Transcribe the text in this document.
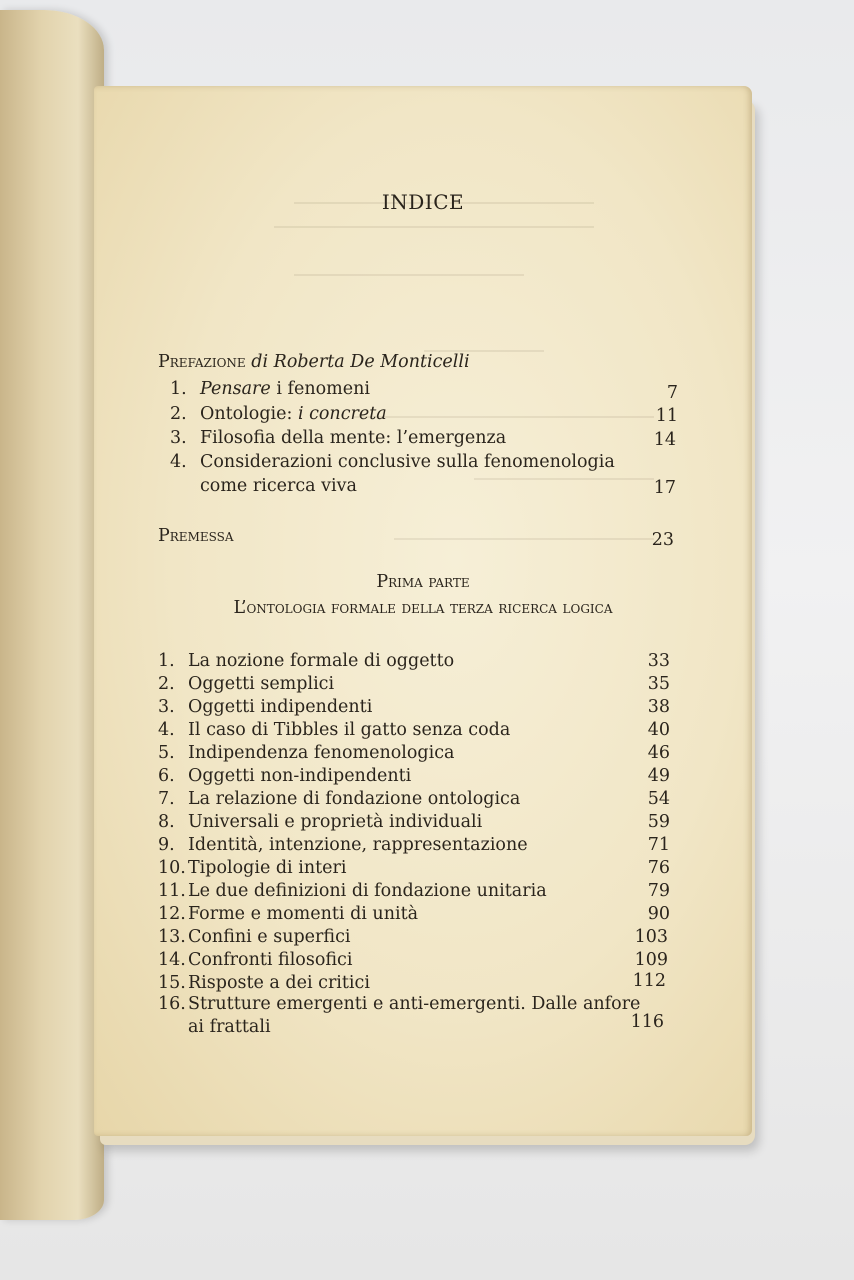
INDICE
Prefazione di Roberta De Monticelli
1. Pensare i fenomeni	7
2. Ontologie: i concreta	11
3. Filosofia della mente: l’emergenza	14
4. Considerazioni conclusive sulla fenomenologia
come ricerca viva	17
Premessa	23
Prima parte
L’ontologia formale della terza ricerca logica
1. La nozione formale di oggetto	33
2. Oggetti semplici	35
3. Oggetti indipendenti	38
4. Il caso di Tibbles il gatto senza coda	40
5. Indipendenza fenomenologica	46
6. Oggetti non-indipendenti	49
7. La relazione di fondazione ontologica	54
8. Universali e proprietà individuali	59
9. Identità, intenzione, rappresentazione	71
10. Tipologie di interi	76
11. Le due definizioni di fondazione unitaria	79
12. Forme e momenti di unità	90
13. Confini e superfici	103
14. Confronti filosofici	109
15. Risposte a dei critici	112
16. Strutture emergenti e anti-emergenti. Dalle anfore
ai frattali	116
